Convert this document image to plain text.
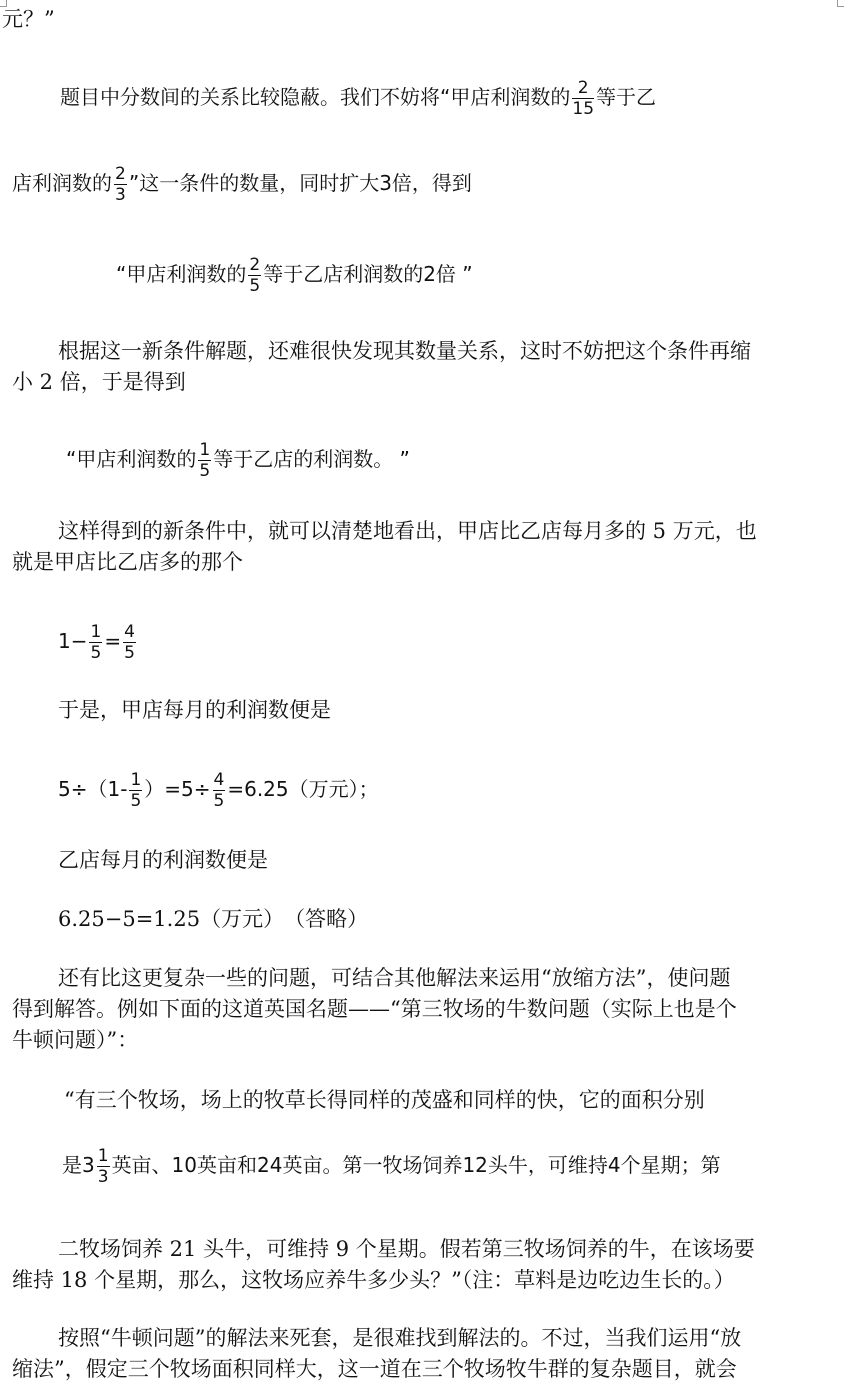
元？”
题目中分数间的关系比较隐蔽。我们不妨将“甲店利润数的 $\frac{2}{15}$ 等于乙
店利润数的 $\frac{2}{3}$ ”这一条件的数量，同时扩大3倍，得到
“甲店利润数的 $\frac{2}{5}$ 等于乙店利润数的2倍 ”
根据这一新条件解题，还难很快发现其数量关系，这时不妨把这个条件再缩
小 2 倍，于是得到
“甲店利润数的 $\frac{1}{5}$ 等于乙店的利润数。 ”
这样得到的新条件中，就可以清楚地看出，甲店比乙店每月多的 5 万元，也
就是甲店比乙店多的那个
$1- \frac{1}{5} = \frac{4}{5}$
于是，甲店每月的利润数便是
$5\div(1- \frac{1}{5} )=5\div \frac{4}{5} =6.25$（万元）；
乙店每月的利润数便是
6.25−5=1.25（万元）　（答略）
还有比这更复杂一些的问题，可结合其他解法来运用“放缩方法”，使问题
得到解答。例如下面的这道英国名题——“第三牧场的牛数问题（实际上也是个
牛顿问题）”：
“有三个牧场，场上的牧草长得同样的茂盛和同样的快，它的面积分别
是$3 \frac{1}{3}$ 英亩、10英亩和24英亩。第一牧场饲养12头牛，可维持4个星期；第
二牧场饲养 21 头牛，可维持 9 个星期。假若第三牧场饲养的牛，在该场要
维持 18 个星期，那么，这牧场应养牛多少头？”（注：草料是边吃边生长的。）
按照“牛顿问题”的解法来死套，是很难找到解法的。不过，当我们运用“放
缩法”，假定三个牧场面积同样大，这一道在三个牧场牧牛群的复杂题目，就会
